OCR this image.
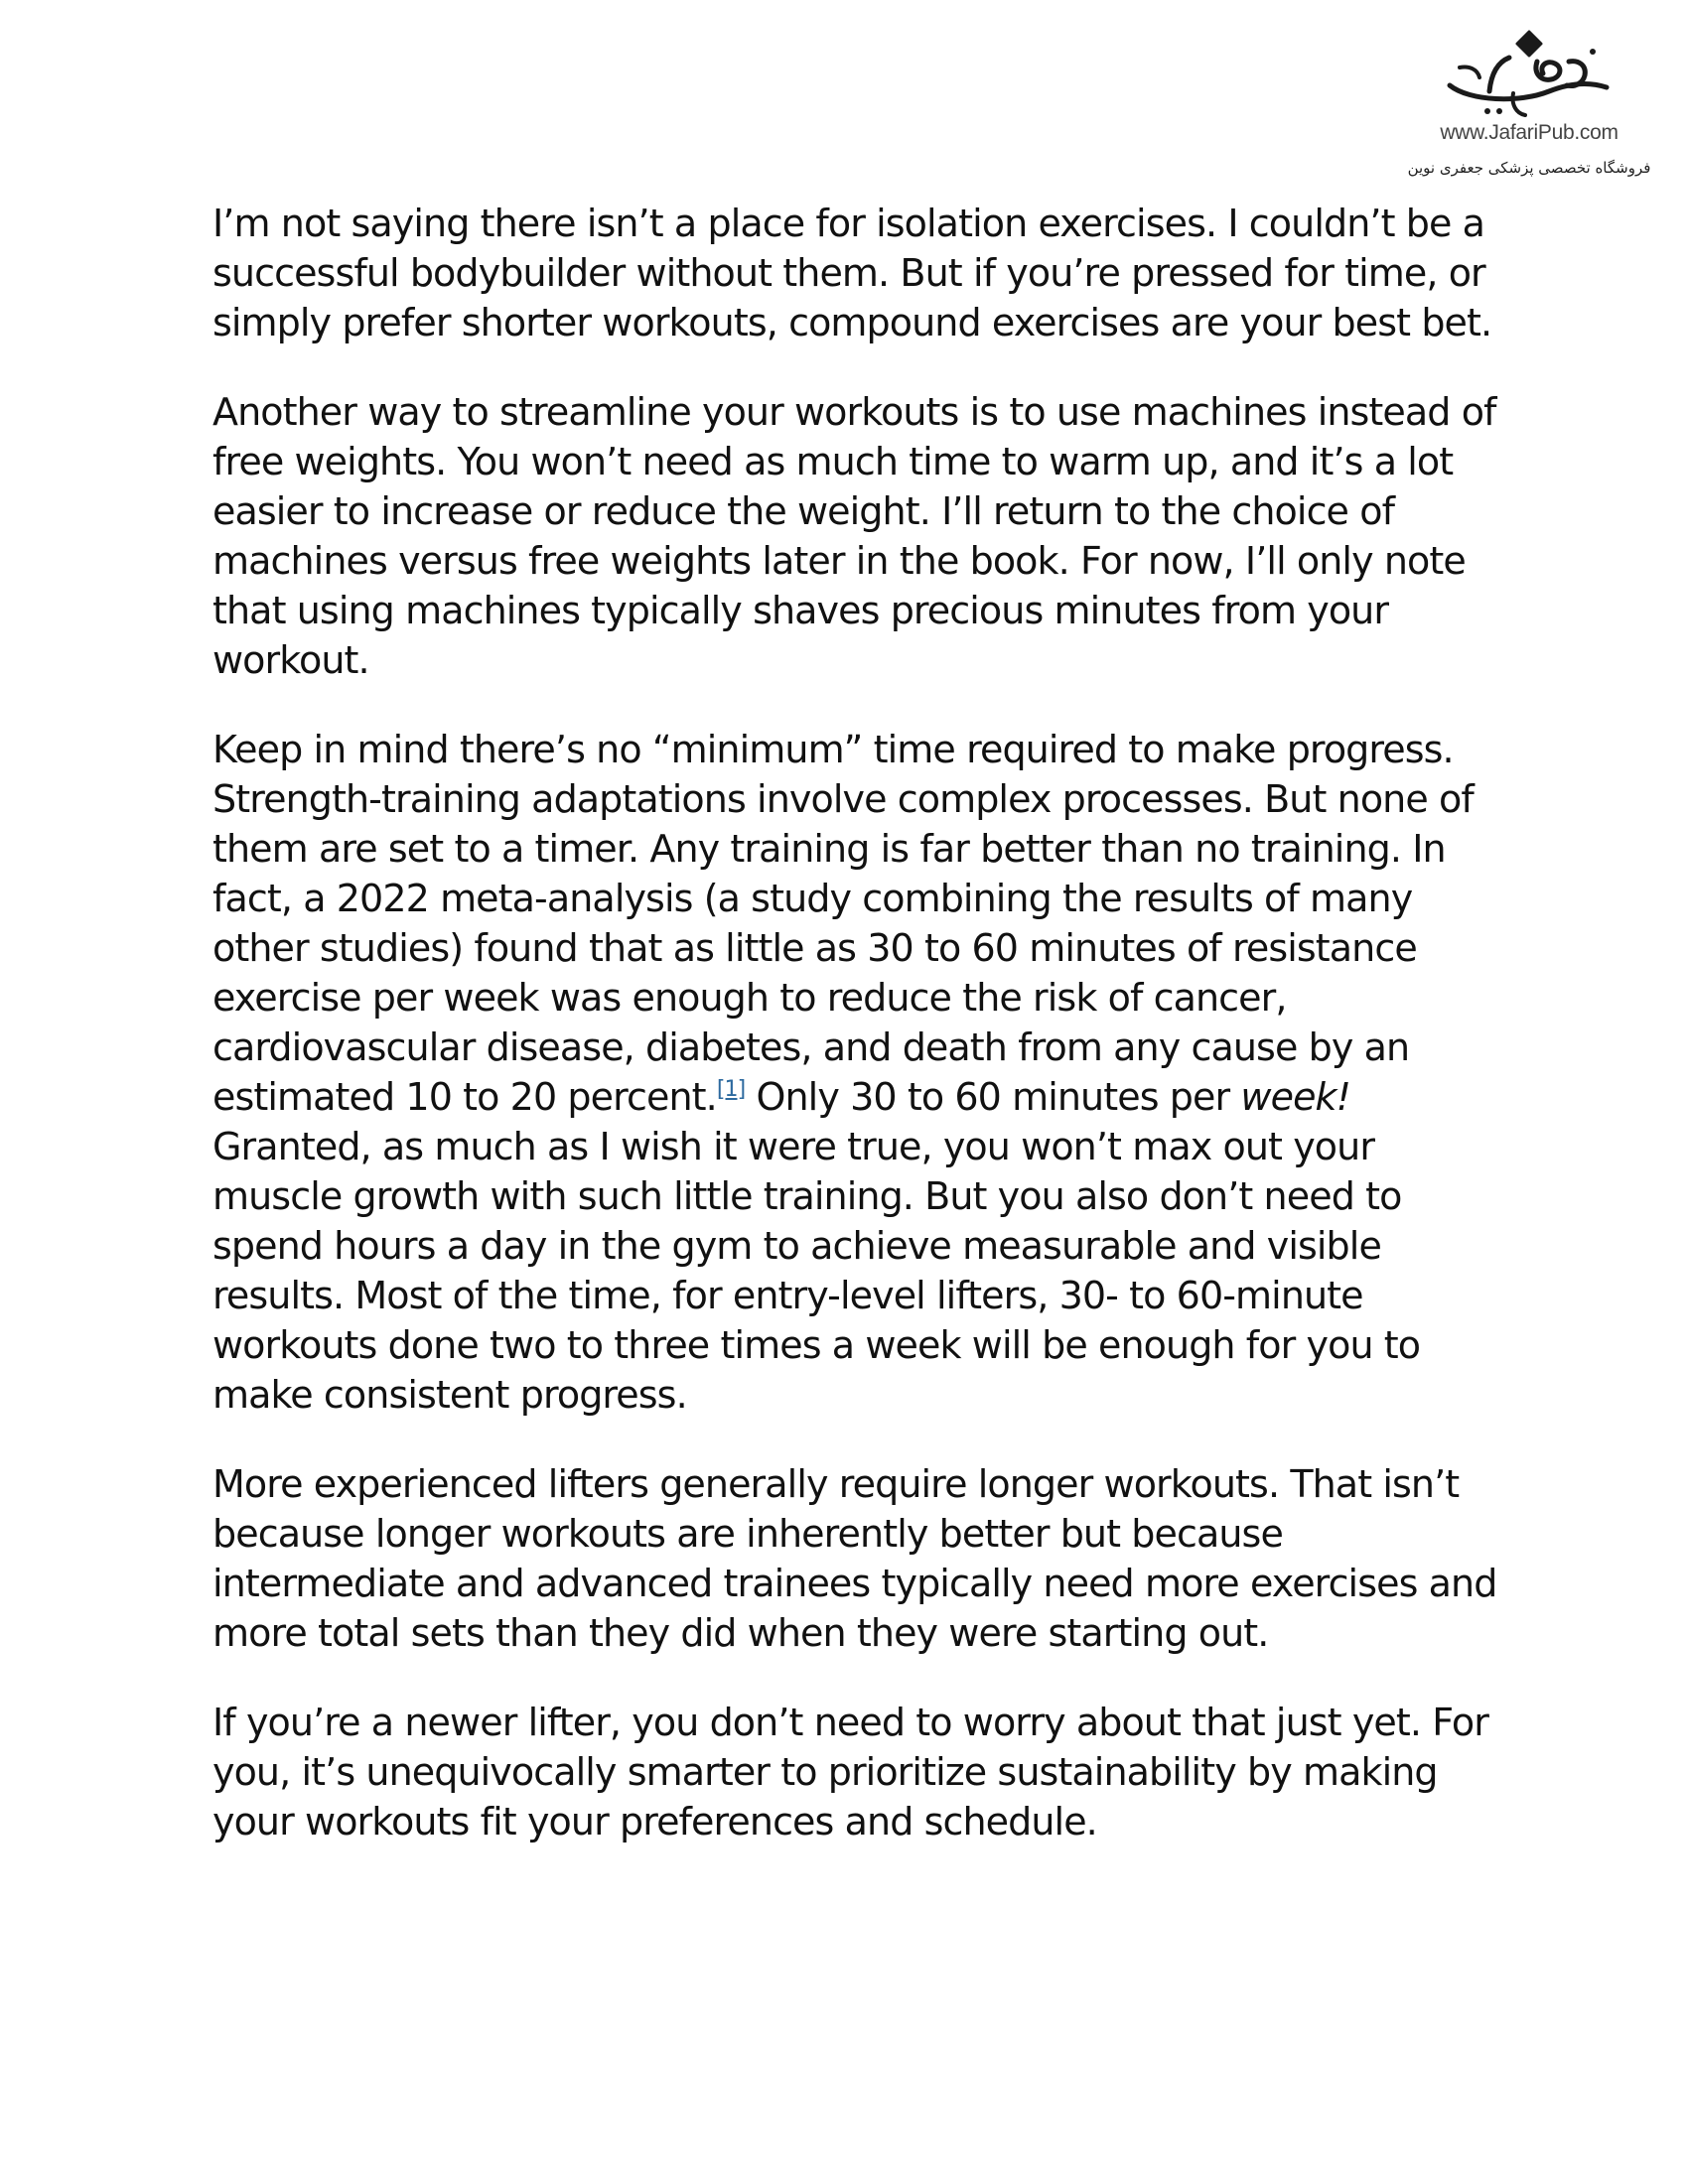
www.JafariPub.com
فروشگاه تخصصی پزشکی جعفری نوین

I’m not saying there isn’t a place for isolation exercises. I couldn’t be a successful bodybuilder without them. But if you’re pressed for time, or simply prefer shorter workouts, compound exercises are your best bet.

Another way to streamline your workouts is to use machines instead of free weights. You won’t need as much time to warm up, and it’s a lot easier to increase or reduce the weight. I’ll return to the choice of machines versus free weights later in the book. For now, I’ll only note that using machines typically shaves precious minutes from your workout.

Keep in mind there’s no “minimum” time required to make progress. Strength-training adaptations involve complex processes. But none of them are set to a timer. Any training is far better than no training. In fact, a 2022 meta-analysis (a study combining the results of many other studies) found that as little as 30 to 60 minutes of resistance exercise per week was enough to reduce the risk of cancer, cardiovascular disease, diabetes, and death from any cause by an estimated 10 to 20 percent.[1] Only 30 to 60 minutes per week! Granted, as much as I wish it were true, you won’t max out your muscle growth with such little training. But you also don’t need to spend hours a day in the gym to achieve measurable and visible results. Most of the time, for entry-level lifters, 30- to 60-minute workouts done two to three times a week will be enough for you to make consistent progress.

More experienced lifters generally require longer workouts. That isn’t because longer workouts are inherently better but because intermediate and advanced trainees typically need more exercises and more total sets than they did when they were starting out.

If you’re a newer lifter, you don’t need to worry about that just yet. For you, it’s unequivocally smarter to prioritize sustainability by making your workouts fit your preferences and schedule.
